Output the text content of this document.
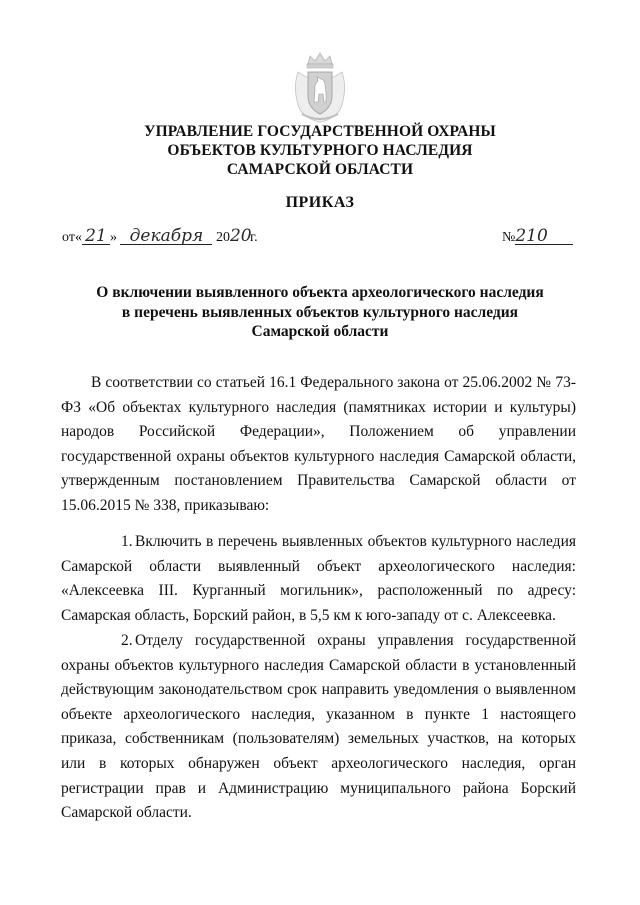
УПРАВЛЕНИЕ ГОСУДАРСТВЕННОЙ ОХРАНЫ
ОБЪЕКТОВ КУЛЬТУРНОГО НАСЛЕДИЯ
САМАРСКОЙ ОБЛАСТИ
ПРИКАЗ
от« 21 » декабря 2020г.	№210
О включении выявленного объекта археологического наследия
в перечень выявленных объектов культурного наследия
Самарской области

В соответствии со статьей 16.1 Федерального закона от 25.06.2002 № 73-ФЗ «Об объектах культурного наследия (памятниках истории и культуры) народов Российской Федерации», Положением об управлении государственной охраны объектов культурного наследия Самарской области, утвержденным постановлением Правительства Самарской области от 15.06.2015 № 338, приказываю:

1. Включить в перечень выявленных объектов культурного наследия Самарской области выявленный объект археологического наследия: «Алексеевка III. Курганный могильник», расположенный по адресу: Самарская область, Борский район, в 5,5 км к юго-западу от с. Алексеевка.

2. Отделу государственной охраны управления государственной охраны объектов культурного наследия Самарской области в установленный действующим законодательством срок направить уведомления о выявленном объекте археологического наследия, указанном в пункте 1 настоящего приказа, собственникам (пользователям) земельных участков, на которых или в которых обнаружен объект археологического наследия, орган регистрации прав и Администрацию муниципального района Борский Самарской области.
